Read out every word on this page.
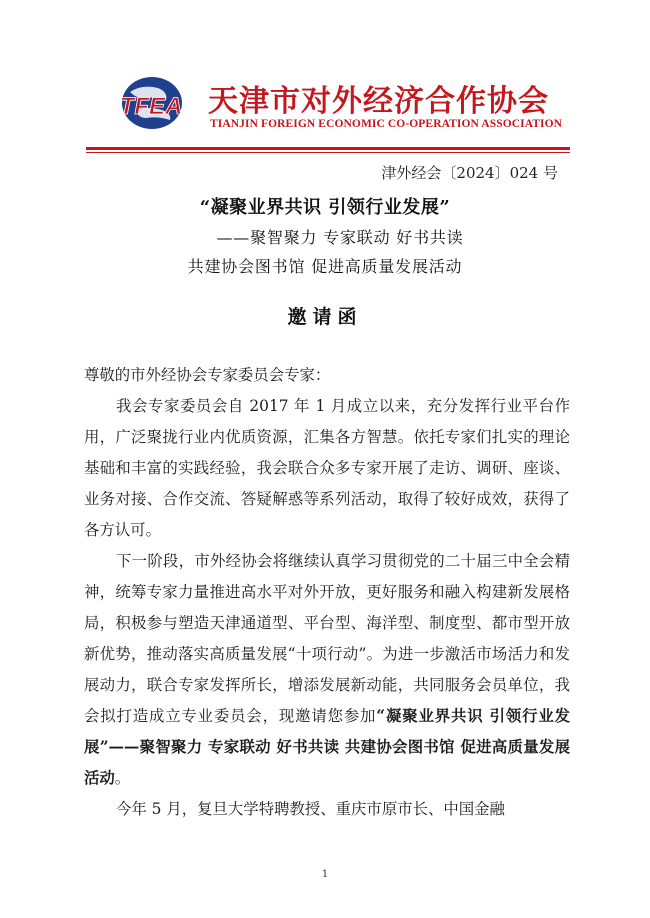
TFEA 天津市对外经济合作协会
TIANJIN FOREIGN ECONOMIC CO-OPERATION ASSOCIATION
津外经会〔2024〕024 号
“凝聚业界共识 引领行业发展”
——聚智聚力 专家联动 好书共读
共建协会图书馆 促进高质量发展活动
邀请函

尊敬的市外经协会专家委员会专家：

我会专家委员会自 2017 年 1 月成立以来，充分发挥行业平台作用，广泛聚拢行业内优质资源，汇集各方智慧。依托专家们扎实的理论基础和丰富的实践经验，我会联合众多专家开展了走访、调研、座谈、业务对接、合作交流、答疑解惑等系列活动，取得了较好成效，获得了各方认可。

下一阶段，市外经协会将继续认真学习贯彻党的二十届三中全会精神，统筹专家力量推进高水平对外开放，更好服务和融入构建新发展格局，积极参与塑造天津通道型、平台型、海洋型、制度型、都市型开放新优势，推动落实高质量发展“十项行动”。为进一步激活市场活力和发展动力，联合专家发挥所长，增添发展新动能，共同服务会员单位，我会拟打造成立专业委员会，现邀请您参加“凝聚业界共识 引领行业发展”——聚智聚力 专家联动 好书共读 共建协会图书馆 促进高质量发展活动。

今年 5 月，复旦大学特聘教授、重庆市原市长、中国金融

1
